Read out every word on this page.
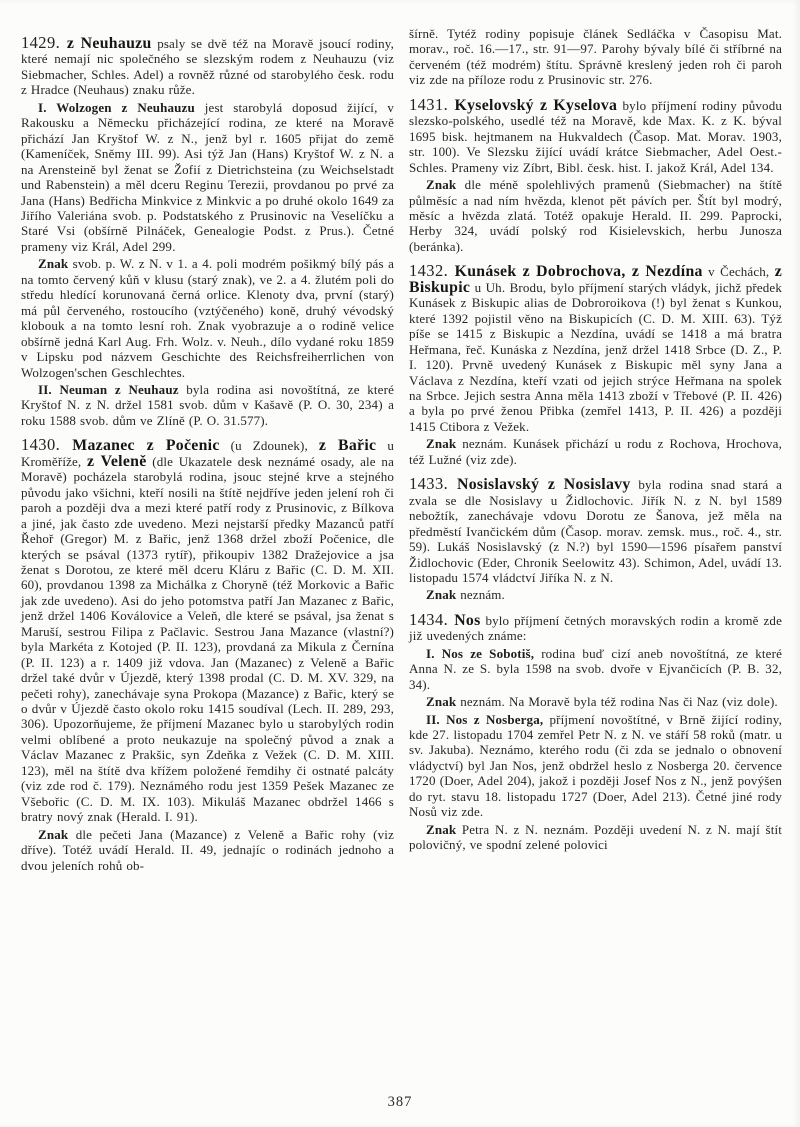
1429. z Neuhauzu psaly se dvě též na Moravě jsoucí rodiny, které nemají nic společného se slezským rodem z Neuhauzu (viz Siebmacher, Schles. Adel) a rovněž různé od starobylého česk. rodu z Hradce (Neuhaus) znaku růže.

I. Wolzogen z Neuhauzu jest starobylá doposud žijící, v Rakousku a Německu přicházející rodina, ze které na Moravě přichází Jan Kryštof W. z N., jenž byl r. 1605 přijat do země (Kameníček, Sněmy III. 99). Asi týž Jan (Hans) Kryštof W. z N. a na Arensteině byl ženat se Žofií z Dietrichsteina (zu Weichselstadt und Rabenstein) a měl dceru Reginu Terezii, provdanou po prvé za Jana (Hans) Bedřicha Minkvice z Minkvic a po druhé okolo 1649 za Jiřího Valeriána svob. p. Podstatského z Prusinovic na Veselíčku a Staré Vsi (obšírně Pilnáček, Genealogie Podst. z Prus.). Četné prameny viz Král, Adel 299.

Znak svob. p. W. z N. v 1. a 4. poli modrém pošikmý bílý pás a na tomto červený kůň v klusu (starý znak), ve 2. a 4. žlutém poli do středu hledící korunovaná černá orlice. Klenoty dva, první (starý) má půl červeného, rostoucího (vztýčeného) koně, druhý vévodský klobouk a na tomto lesní roh. Znak vyobrazuje a o rodině velice obšírně jedná Karl Aug. Frh. Wolz. v. Neuh., dílo vydané roku 1859 v Lipsku pod názvem Geschichte des Reichsfreiherrlichen von Wolzogen'schen Geschlechtes.

II. Neuman z Neuhauz byla rodina asi novoštítná, ze které Kryštof N. z N. držel 1581 svob. dům v Kašavě (P. O. 30, 234) a roku 1588 svob. dům ve Zlíně (P. O. 31.577).

1430. Mazanec z Počenic (u Zdounek), z Bařic u Kroměříže, z Veleně (dle Ukazatele desk neznámé osady, ale na Moravě) pocházela starobylá rodina, jsouc stejné krve a stejného původu jako všichni, kteří nosili na štítě nejdříve jeden jelení roh či paroh a později dva a mezi které patří rody z Prusinovic, z Bílkova a jiné, jak často zde uvedeno. Mezi nejstarší předky Mazanců patří Řehoř (Gregor) M. z Bařic, jenž 1368 držel zboží Počenice, dle kterých se psával (1373 rytíř), přikoupiv 1382 Dražejovice a jsa ženat s Dorotou, ze které měl dceru Kláru z Bařic (C. D. M. XII. 60), provdanou 1398 za Michálka z Choryně (též Morkovic a Bařic jak zde uvedeno). Asi do jeho potomstva patří Jan Mazanec z Bařic, jenž držel 1406 Koválovice a Veleň, dle které se psával, jsa ženat s Maruší, sestrou Filipa z Pačlavic. Sestrou Jana Mazance (vlastní?) byla Markéta z Kotojed (P. II. 123), provdaná za Mikula z Černína (P. II. 123) a r. 1409 již vdova. Jan (Mazanec) z Veleně a Bařic držel také dvůr v Újezdě, který 1398 prodal (C. D. M. XV. 329, na pečeti rohy), zanechávaje syna Prokopa (Mazance) z Bařic, který se o dvůr v Újezdě často okolo roku 1415 soudíval (Lech. II. 289, 293, 306). Upozorňujeme, že příjmení Mazanec bylo u starobylých rodin velmi oblíbené a proto neukazuje na společný původ a znak a Václav Mazanec z Prakšic, syn Zdeňka z Vežek (C. D. M. XIII. 123), měl na štítě dva křížem položené řemdihy či ostnaté palcáty (viz zde rod č. 179). Neznámého rodu jest 1359 Pešek Mazanec ze Všebořic (C. D. M. IX. 103). Mikuláš Mazanec obdržel 1466 s bratry nový znak (Herald. I. 91).

Znak dle pečeti Jana (Mazance) z Veleně a Bařic rohy (viz dříve). Totéž uvádí Herald. II. 49, jednajíc o rodinách jednoho a dvou jeleních rohů ob-

šírně. Tytéž rodiny popisuje článek Sedláčka v Časopisu Mat. morav., roč. 16.—17., str. 91—97. Parohy bývaly bílé či stříbrné na červeném (též modrém) štítu. Správně kreslený jeden roh či paroh viz zde na příloze rodu z Prusinovic str. 276.

1431. Kyselovský z Kyselova bylo příjmení rodiny původu slezsko-polského, usedlé též na Moravě, kde Max. K. z K. býval 1695 bisk. hejtmanem na Hukvaldech (Časop. Mat. Morav. 1903, str. 100). Ve Slezsku žijící uvádí krátce Siebmacher, Adel Oest.-Schles. Prameny viz Zíbrt, Bibl. česk. hist. I. jakož Král, Adel 134.

Znak dle méně spolehlivých pramenů (Siebmacher) na štítě půlměsíc a nad ním hvězda, klenot pět pávích per. Štít byl modrý, měsíc a hvězda zlatá. Totéž opakuje Herald. II. 299. Paprocki, Herby 324, uvádí polský rod Kisielevskich, herbu Junosza (beránka).

1432. Kunásek z Dobrochova, z Nezdína v Čechách, z Biskupic u Uh. Brodu, bylo příjmení starých vládyk, jichž předek Kunásek z Biskupic alias de Dobroroikova (!) byl ženat s Kunkou, které 1392 pojistil věno na Biskupicích (C. D. M. XIII. 63). Týž píše se 1415 z Biskupic a Nezdína, uvádí se 1418 a má bratra Heřmana, řeč. Kunáska z Nezdína, jenž držel 1418 Srbce (D. Z., P. I. 120). Prvně uvedený Kunásek z Biskupic měl syny Jana a Václava z Nezdína, kteří vzati od jejich strýce Heřmana na spolek na Srbce. Jejich sestra Anna měla 1413 zboží v Třebové (P. II. 426) a byla po prvé ženou Přibka (zemřel 1413, P. II. 426) a později 1415 Ctibora z Vežek.

Znak neznám. Kunásek přichází u rodu z Rochova, Hrochova, též Lužné (viz zde).

1433. Nosislavský z Nosislavy byla rodina snad stará a zvala se dle Nosislavy u Židlochovic. Jiřík N. z N. byl 1589 nebožtík, zanechávaje vdovu Dorotu ze Šanova, jež měla na předměstí Ivančickém dům (Časop. morav. zemsk. mus., roč. 4., str. 59). Lukáš Nosislavský (z N.?) byl 1590—1596 písařem panství Židlochovic (Eder, Chronik Seelowitz 43). Schimon, Adel, uvádí 13. listopadu 1574 vládctví Jiříka N. z N.

Znak neznám.

1434. Nos bylo příjmení četných moravských rodin a kromě zde již uvedených známe:

I. Nos ze Sobotiš, rodina buď cizí aneb novoštítná, ze které Anna N. ze S. byla 1598 na svob. dvoře v Ejvančicích (P. B. 32, 34).

Znak neznám. Na Moravě byla též rodina Nas či Naz (viz dole).

II. Nos z Nosberga, příjmení novoštítné, v Brně žijící rodiny, kde 27. listopadu 1704 zemřel Petr N. z N. ve stáří 58 roků (matr. u sv. Jakuba). Neznámo, kterého rodu (či zda se jednalo o obnovení vládyctví) byl Jan Nos, jenž obdržel heslo z Nosberga 20. července 1720 (Doer, Adel 204), jakož i později Josef Nos z N., jenž povýšen do ryt. stavu 18. listopadu 1727 (Doer, Adel 213). Četné jiné rody Nosů viz zde.

Znak Petra N. z N. neznám. Později uvedení N. z N. mají štít polovičný, ve spodní zelené polovici

387
